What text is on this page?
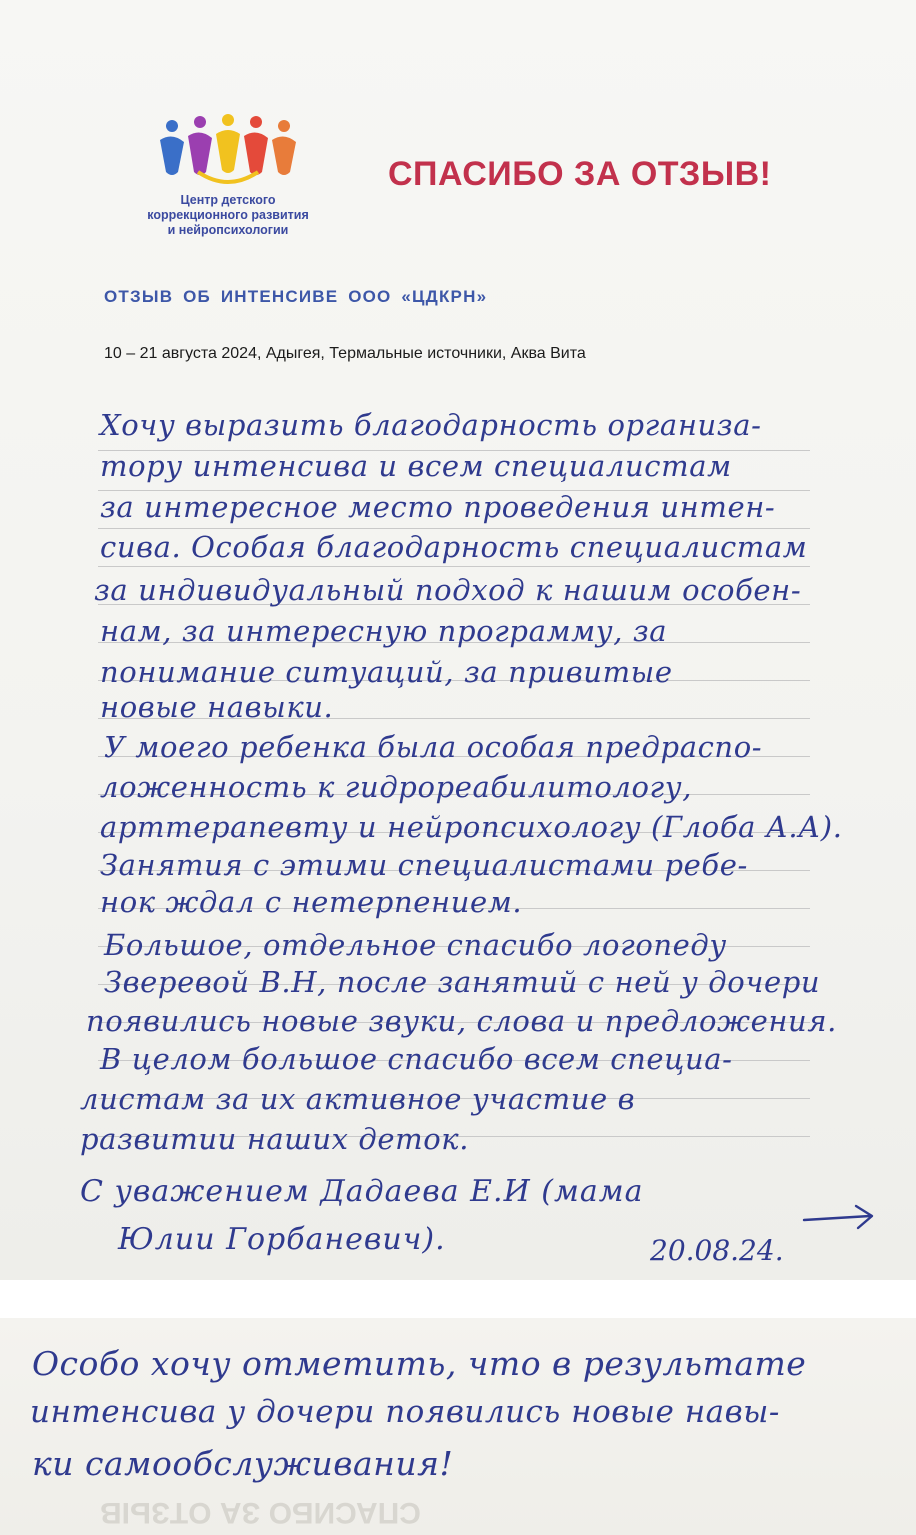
Центр детского
коррекционного развития
и нейропсихологии
СПАСИБО ЗА ОТЗЫВ!
ОТЗЫВ ОБ ИНТЕНСИВЕ ООО «ЦДКРН»
10 – 21 августа 2024, Адыгея, Термальные источники, Аква Вита

Хочу выразить благодарность организа-

тору интенсива и всем специалистам

за интересное место проведения интен-

сива. Особая благодарность специалистам

за индивидуальный подход к нашим особен-

нам, за интересную программу, за

понимание ситуаций, за привитые

новые навыки.

У моего ребенка была особая предраспо-

ложенность к гидрореабилитологу,

арттерапевту и нейропсихологу (Глоба А.А).

Занятия с этими специалистами ребе-

нок ждал с нетерпением.

Большое, отдельное спасибо логопеду

Зверевой В.Н, после занятий с ней у дочери

появились новые звуки, слова и предложения.

В целом большое спасибо всем специа-

листам за их активное участие в

развитии наших деток.

С уважением Дадаева Е.И (мама

Юлии Горбаневич).	20.08.24.

Особо хочу отметить, что в результате

интенсива у дочери появились новые навы-

ки самообслуживания!

СПАСИБО ЗА ОТЗЫВ
